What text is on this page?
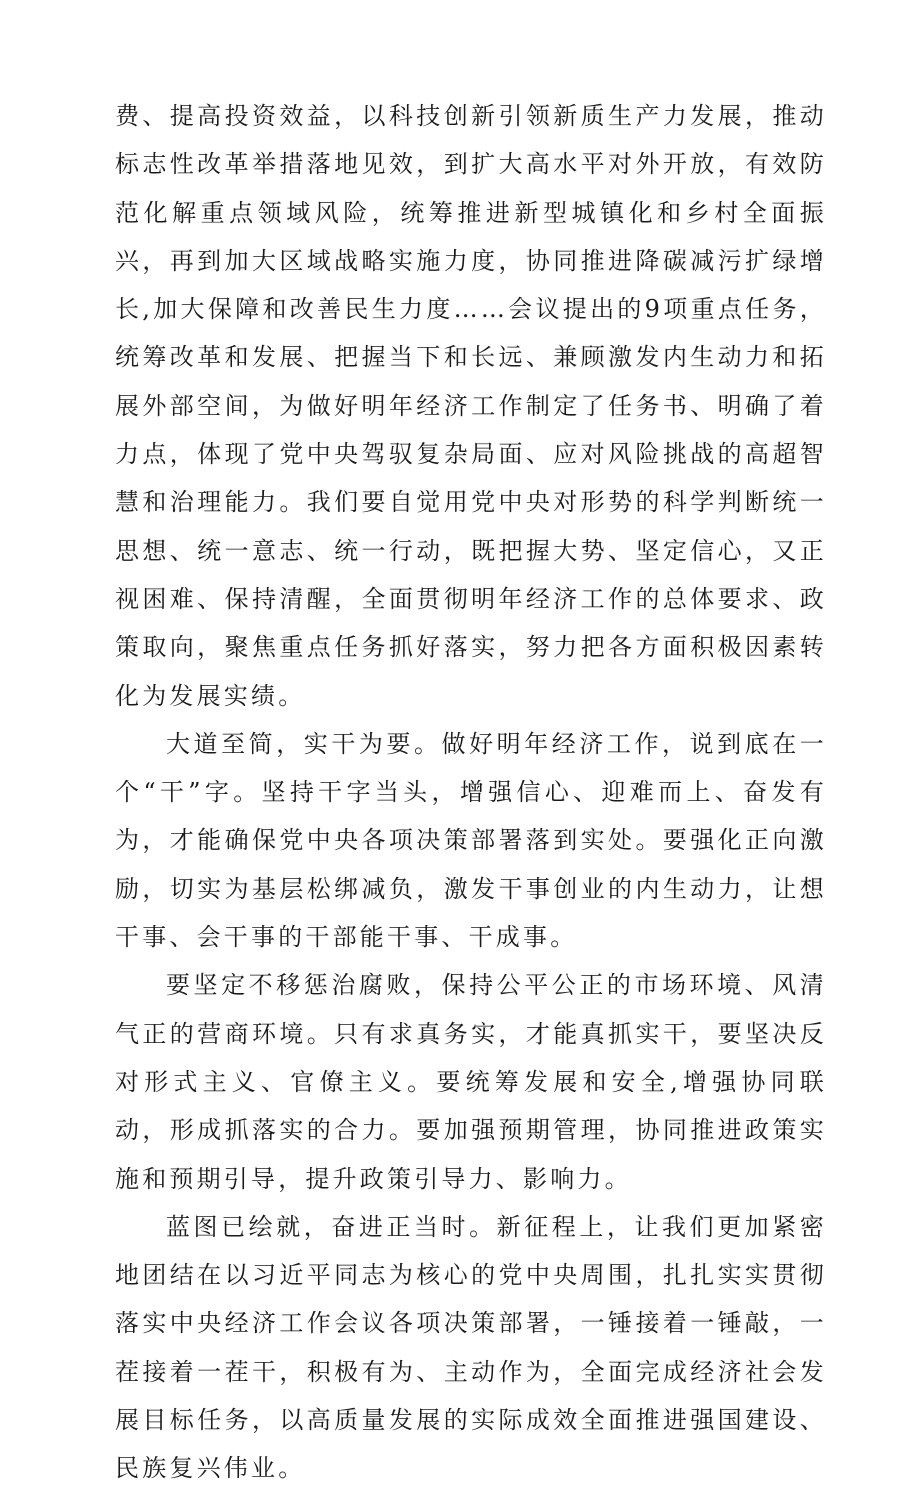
费、提高投资效益，以科技创新引领新质生产力发展，推动标志性改革举措落地见效，到扩大高水平对外开放，有效防范化解重点领域风险，统筹推进新型城镇化和乡村全面振兴，再到加大区域战略实施力度，协同推进降碳减污扩绿增长,加大保障和改善民生力度……会议提出的9项重点任务，统筹改革和发展、把握当下和长远、兼顾激发内生动力和拓展外部空间，为做好明年经济工作制定了任务书、明确了着力点，体现了党中央驾驭复杂局面、应对风险挑战的高超智慧和治理能力。我们要自觉用党中央对形势的科学判断统一思想、统一意志、统一行动，既把握大势、坚定信心，又正视困难、保持清醒，全面贯彻明年经济工作的总体要求、政策取向，聚焦重点任务抓好落实，努力把各方面积极因素转化为发展实绩。

大道至简，实干为要。做好明年经济工作，说到底在一个“干”字。坚持干字当头，增强信心、迎难而上、奋发有为，才能确保党中央各项决策部署落到实处。要强化正向激励，切实为基层松绑减负，激发干事创业的内生动力，让想干事、会干事的干部能干事、干成事。

要坚定不移惩治腐败，保持公平公正的市场环境、风清气正的营商环境。只有求真务实，才能真抓实干，要坚决反对形式主义、官僚主义。要统筹发展和安全,增强协同联动，形成抓落实的合力。要加强预期管理，协同推进政策实施和预期引导，提升政策引导力、影响力。

蓝图已绘就，奋进正当时。新征程上，让我们更加紧密地团结在以习近平同志为核心的党中央周围，扎扎实实贯彻落实中央经济工作会议各项决策部署，一锤接着一锤敲，一茬接着一茬干，积极有为、主动作为，全面完成经济社会发展目标任务，以高质量发展的实际成效全面推进强国建设、民族复兴伟业。
